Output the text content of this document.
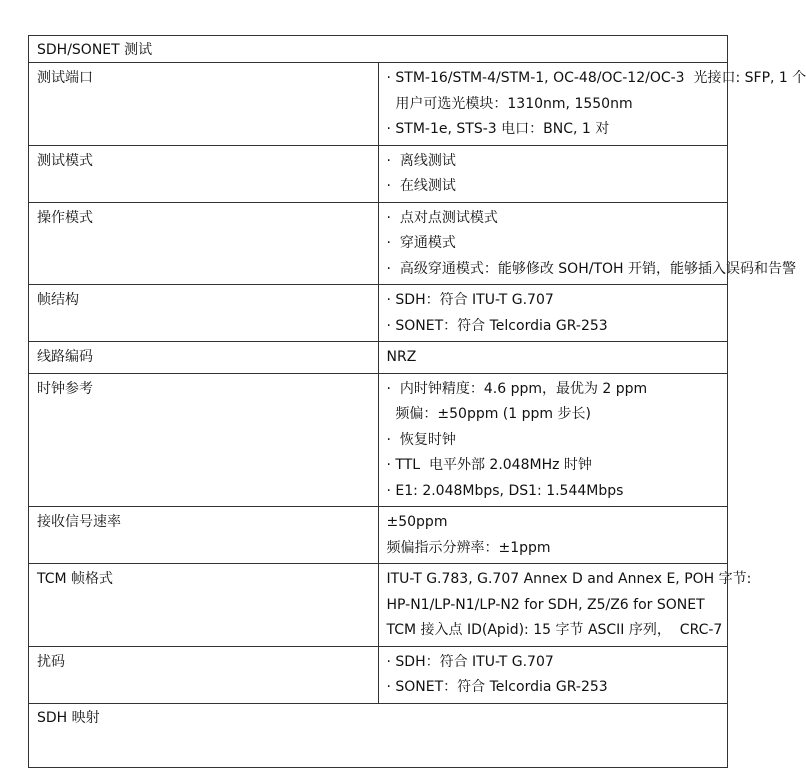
SDH/SONET 测试	

测试端口	· STM-16/STM-4/STM-1, OC-48/OC-12/OC-3  光接口: SFP, 1 个
用户可选光模块：1310nm, 1550nm
· STM-1e, STS-3 电口：BNC, 1 对

测试模式	·  离线测试
·  在线测试

操作模式	·  点对点测试模式
·  穿通模式
·  高级穿通模式：能够修改 SOH/TOH 开销，能够插入误码和告警

帧结构	· SDH：符合 ITU-T G.707
· SONET：符合 Telcordia GR-253

线路编码	NRZ

时钟参考	·  内时钟精度：4.6 ppm，最优为 2 ppm
频偏：±50ppm (1 ppm 步长)
·  恢复时钟
· TTL  电平外部 2.048MHz 时钟
· E1: 2.048Mbps, DS1: 1.544Mbps

接收信号速率	±50ppm
频偏指示分辨率：±1ppm

TCM 帧格式	ITU-T G.783, G.707 Annex D and Annex E, POH 字节:
HP-N1/LP-N1/LP-N2 for SDH, Z5/Z6 for SONET
TCM 接入点 ID(Apid): 15 字节 ASCII 序列，  CRC-7

扰码	· SDH：符合 ITU-T G.707
· SONET：符合 Telcordia GR-253

SDH 映射	
